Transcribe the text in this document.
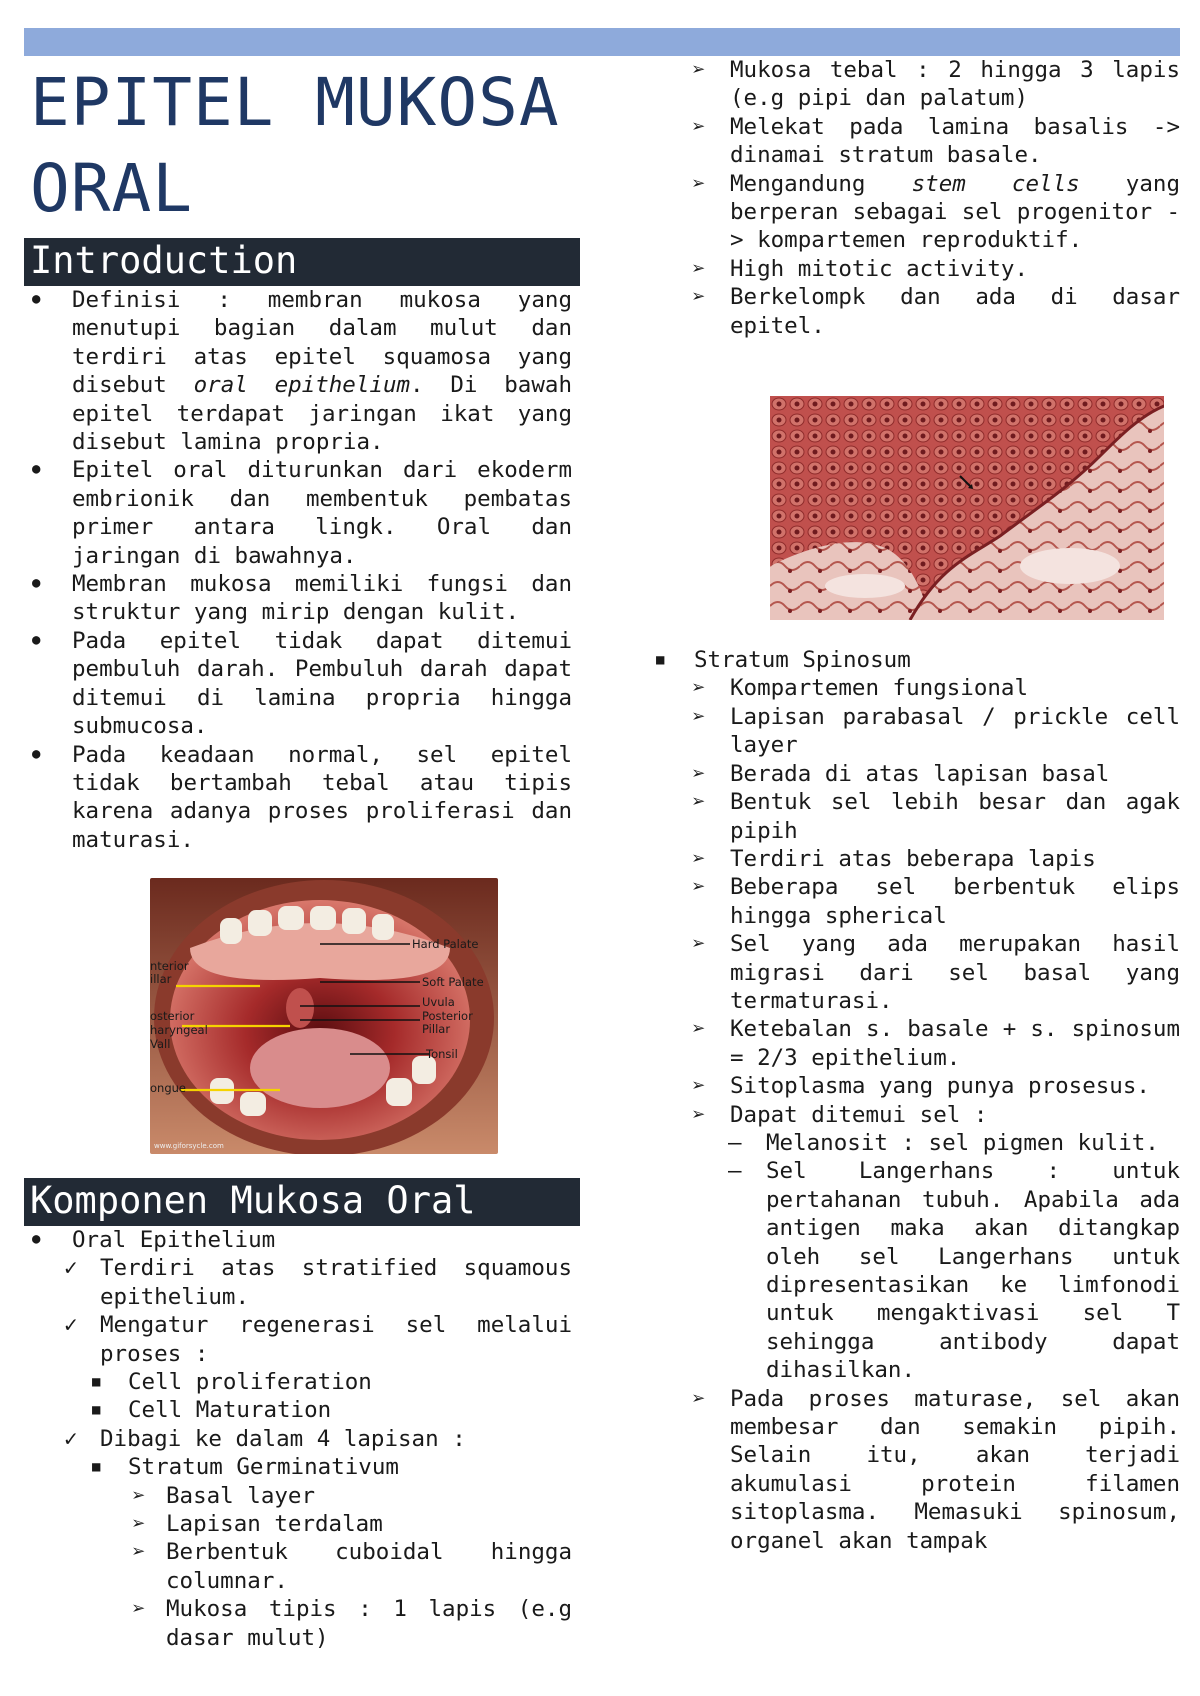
EPITEL MUKOSA
ORAL
Introduction
●
Definisi : membran mukosa yang menutupi bagian dalam mulut dan terdiri atas epitel squamosa yang disebut oral epithelium. Di bawah epitel terdapat jaringan ikat yang disebut lamina propria.
●
Epitel oral diturunkan dari ekoderm embrionik dan membentuk pembatas primer antara lingk. Oral dan jaringan di bawahnya.
●
Membran mukosa memiliki fungsi dan struktur yang mirip dengan kulit.
●
Pada epitel tidak dapat ditemui pembuluh darah. Pembuluh darah dapat ditemui di lamina propria hingga submucosa.
●
Pada keadaan normal, sel epitel tidak bertambah tebal atau tipis karena adanya proses proliferasi dan maturasi.
Hard Palate
Soft Palate
Uvula
Posterior
Pillar
Tonsil
nterior
illar
osterior
haryngeal
Vall
ongue
www.giforsycle.com
Komponen Mukosa Oral
●
Oral Epithelium
✓ Terdiri atas stratified squamous epithelium.
✓ Mengatur regenerasi sel melalui proses :
■ Cell proliferation
■ Cell Maturation
✓ Dibagi ke dalam 4 lapisan :
■ Stratum Germinativum
➢ Basal layer
➢ Lapisan terdalam
➢ Berbentuk cuboidal hingga columnar.
➢ Mukosa tipis : 1 lapis (e.g dasar mulut)
➢ Mukosa tebal : 2 hingga 3 lapis (e.g pipi dan palatum)
➢ Melekat pada lamina basalis -> dinamai stratum basale.
➢ Mengandung stem cells yang berperan sebagai sel progenitor -> kompartemen reproduktif.
➢ High mitotic activity.
➢ Berkelompk dan ada di dasar epitel.
■ Stratum Spinosum
➢ Kompartemen fungsional
➢ Lapisan parabasal / prickle cell layer
➢ Berada di atas lapisan basal
➢ Bentuk sel lebih besar dan agak pipih
➢ Terdiri atas beberapa lapis
➢ Beberapa sel berbentuk elips hingga spherical
➢ Sel yang ada merupakan hasil migrasi dari sel basal yang termaturasi.
➢ Ketebalan s. basale + s. spinosum = 2/3 epithelium.
➢ Sitoplasma yang punya prosesus.
➢ Dapat ditemui sel :
– Melanosit : sel pigmen kulit.
– Sel Langerhans : untuk pertahanan tubuh. Apabila ada antigen maka akan ditangkap oleh sel Langerhans untuk dipresentasikan ke limfonodi untuk mengaktivasi sel T sehingga antibody dapat dihasilkan.
➢ Pada proses maturase, sel akan membesar dan semakin pipih. Selain itu, akan terjadi akumulasi protein filamen sitoplasma. Memasuki spinosum, organel akan tampak
